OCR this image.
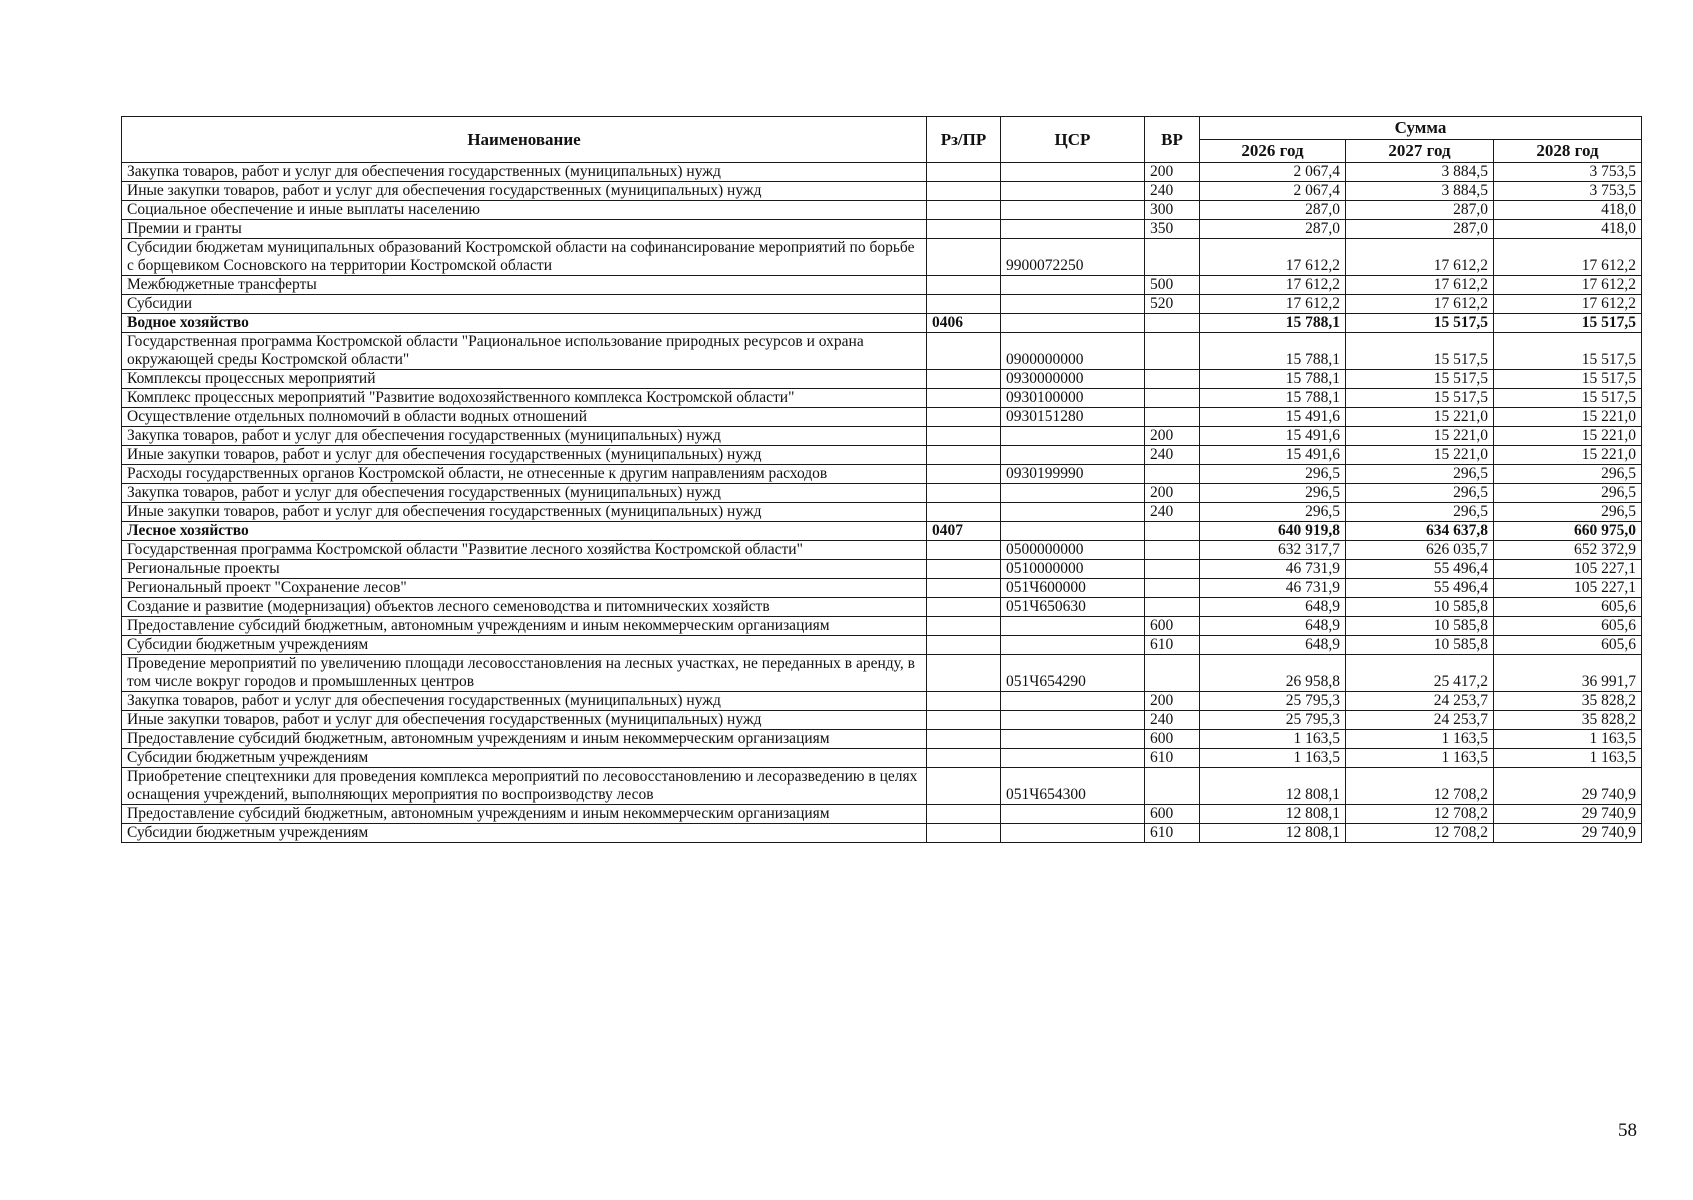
Наименование	Рз/ПР	ЦСР	ВР	Сумма		
				2026 год	2027 год	2028 год
Закупка товаров, работ и услуг для обеспечения государственных (муниципальных) нужд			200	2 067,4	3 884,5	3 753,5
Иные закупки товаров, работ и услуг для обеспечения государственных (муниципальных) нужд			240	2 067,4	3 884,5	3 753,5
Социальное обеспечение и иные выплаты населению			300	287,0	287,0	418,0
Премии и гранты			350	287,0	287,0	418,0
Субсидии бюджетам муниципальных образований Костромской области на софинансирование мероприятий по борьбе с борщевиком Сосновского на территории Костромской области		9900072250		17 612,2	17 612,2	17 612,2
Межбюджетные трансферты			500	17 612,2	17 612,2	17 612,2
Субсидии			520	17 612,2	17 612,2	17 612,2
Водное хозяйство	0406			15 788,1	15 517,5	15 517,5
Государственная программа Костромской области "Рациональное использование природных ресурсов и охрана окружающей среды Костромской области"		0900000000		15 788,1	15 517,5	15 517,5
Комплексы процессных мероприятий		0930000000		15 788,1	15 517,5	15 517,5
Комплекс процессных мероприятий "Развитие водохозяйственного комплекса Костромской области"		0930100000		15 788,1	15 517,5	15 517,5
Осуществление отдельных полномочий в области водных отношений		0930151280		15 491,6	15 221,0	15 221,0
Закупка товаров, работ и услуг для обеспечения государственных (муниципальных) нужд			200	15 491,6	15 221,0	15 221,0
Иные закупки товаров, работ и услуг для обеспечения государственных (муниципальных) нужд			240	15 491,6	15 221,0	15 221,0
Расходы государственных органов Костромской области, не отнесенные к другим направлениям расходов		0930199990		296,5	296,5	296,5
Закупка товаров, работ и услуг для обеспечения государственных (муниципальных) нужд			200	296,5	296,5	296,5
Иные закупки товаров, работ и услуг для обеспечения государственных (муниципальных) нужд			240	296,5	296,5	296,5
Лесное хозяйство	0407			640 919,8	634 637,8	660 975,0
Государственная программа Костромской области "Развитие лесного хозяйства Костромской области"		0500000000		632 317,7	626 035,7	652 372,9
Региональные проекты		0510000000		46 731,9	55 496,4	105 227,1
Региональный проект "Сохранение лесов"		051Ч600000		46 731,9	55 496,4	105 227,1
Создание и развитие (модернизация) объектов лесного семеноводства и питомнических хозяйств		051Ч650630		648,9	10 585,8	605,6
Предоставление субсидий бюджетным, автономным учреждениям и иным некоммерческим организациям			600	648,9	10 585,8	605,6
Субсидии бюджетным учреждениям			610	648,9	10 585,8	605,6
Проведение мероприятий по увеличению площади лесовосстановления на лесных участках, не переданных в аренду, в том числе вокруг городов и промышленных центров		051Ч654290		26 958,8	25 417,2	36 991,7
Закупка товаров, работ и услуг для обеспечения государственных (муниципальных) нужд			200	25 795,3	24 253,7	35 828,2
Иные закупки товаров, работ и услуг для обеспечения государственных (муниципальных) нужд			240	25 795,3	24 253,7	35 828,2
Предоставление субсидий бюджетным, автономным учреждениям и иным некоммерческим организациям			600	1 163,5	1 163,5	1 163,5
Субсидии бюджетным учреждениям			610	1 163,5	1 163,5	1 163,5
Приобретение спецтехники для проведения комплекса мероприятий по лесовосстановлению и лесоразведению в целях оснащения учреждений, выполняющих мероприятия по воспроизводству лесов		051Ч654300		12 808,1	12 708,2	29 740,9
Предоставление субсидий бюджетным, автономным учреждениям и иным некоммерческим организациям			600	12 808,1	12 708,2	29 740,9
Субсидии бюджетным учреждениям			610	12 808,1	12 708,2	29 740,9
58
